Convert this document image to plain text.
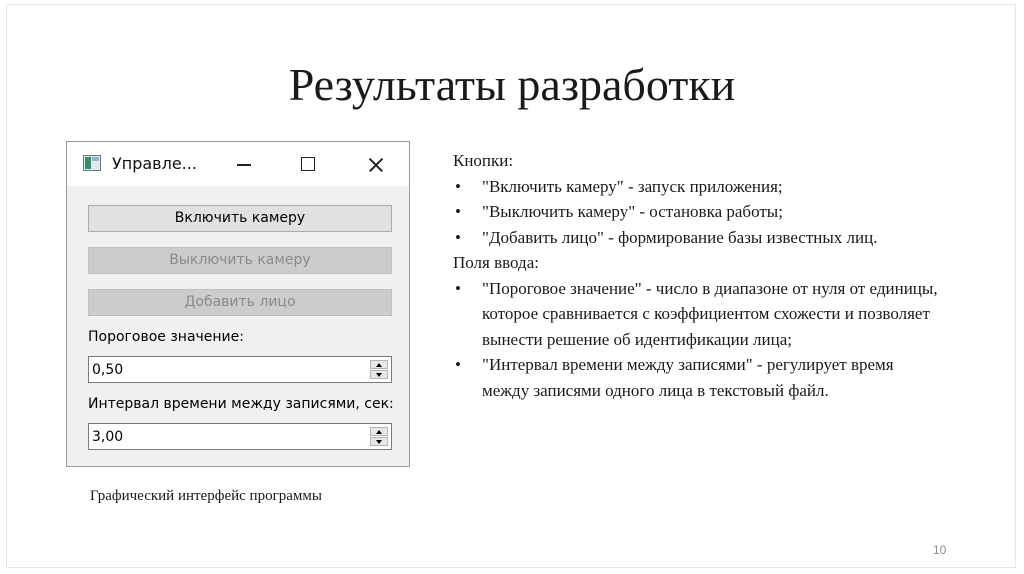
Результаты разработки
Управле...
Включить камеру
Выключить камеру
Добавить лицо
Пороговое значение:
0,50
Интервал времени между записями, сек:
3,00
Графический интерфейс программы
Кнопки:
• "Включить камеру" - запуск приложения;
• "Выключить камеру" - остановка работы;
• "Добавить лицо" - формирование базы известных лиц.
Поля ввода:
• "Пороговое значение" - число в диапазоне от нуля от единицы, которое сравнивается с коэффициентом схожести и позволяет вынести решение об идентификации лица;
• "Интервал времени между записями" - регулирует время между записями одного лица в текстовый файл.
10
